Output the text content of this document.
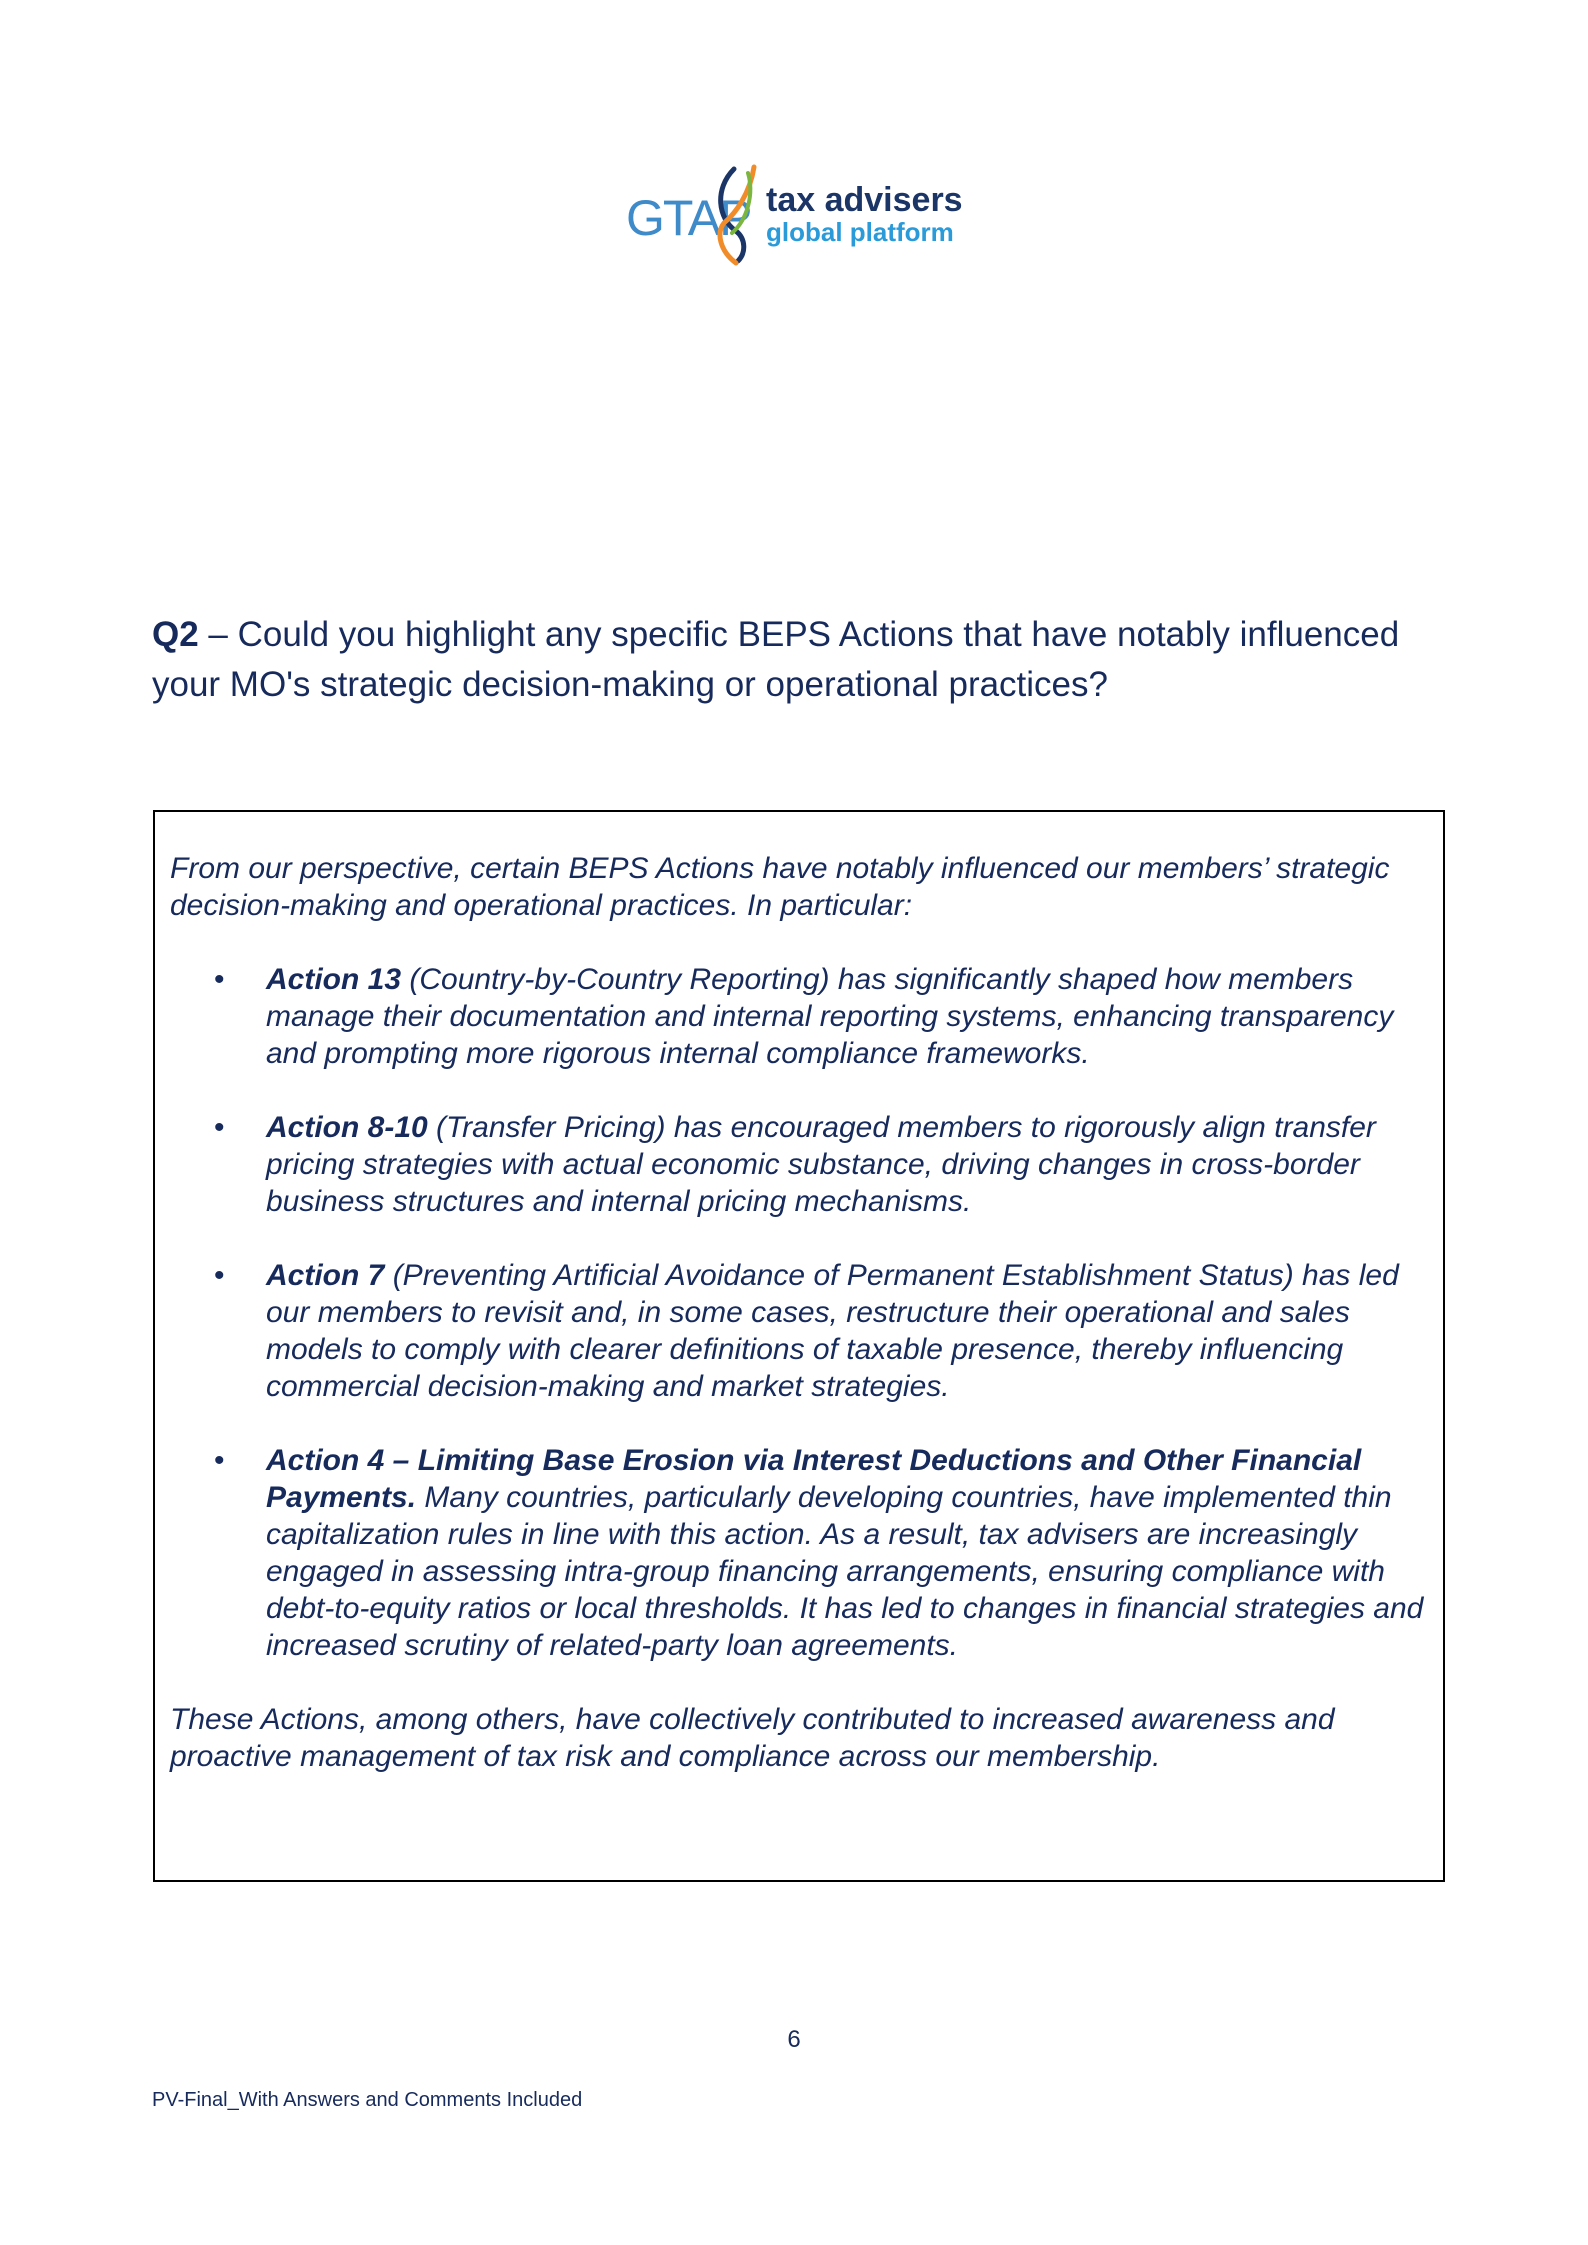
GTAP tax advisers
global platform
Q2 – Could you highlight any specific BEPS Actions that have notably influenced your MO's strategic decision-making or operational practices?

From our perspective, certain BEPS Actions have notably influenced our members’ strategic decision-making and operational practices. In particular:

• Action 13 (Country-by-Country Reporting) has significantly shaped how members manage their documentation and internal reporting systems, enhancing transparency and prompting more rigorous internal compliance frameworks.
• Action 8-10 (Transfer Pricing) has encouraged members to rigorously align transfer pricing strategies with actual economic substance, driving changes in cross-border business structures and internal pricing mechanisms.
• Action 7 (Preventing Artificial Avoidance of Permanent Establishment Status) has led our members to revisit and, in some cases, restructure their operational and sales models to comply with clearer definitions of taxable presence, thereby influencing commercial decision-making and market strategies.
• Action 4 – Limiting Base Erosion via Interest Deductions and Other Financial Payments. Many countries, particularly developing countries, have implemented thin capitalization rules in line with this action. As a result, tax advisers are increasingly engaged in assessing intra-group financing arrangements, ensuring compliance with debt-to-equity ratios or local thresholds. It has led to changes in financial strategies and increased scrutiny of related-party loan agreements.

These Actions, among others, have collectively contributed to increased awareness and proactive management of tax risk and compliance across our membership.

6
PV-Final_With Answers and Comments Included
